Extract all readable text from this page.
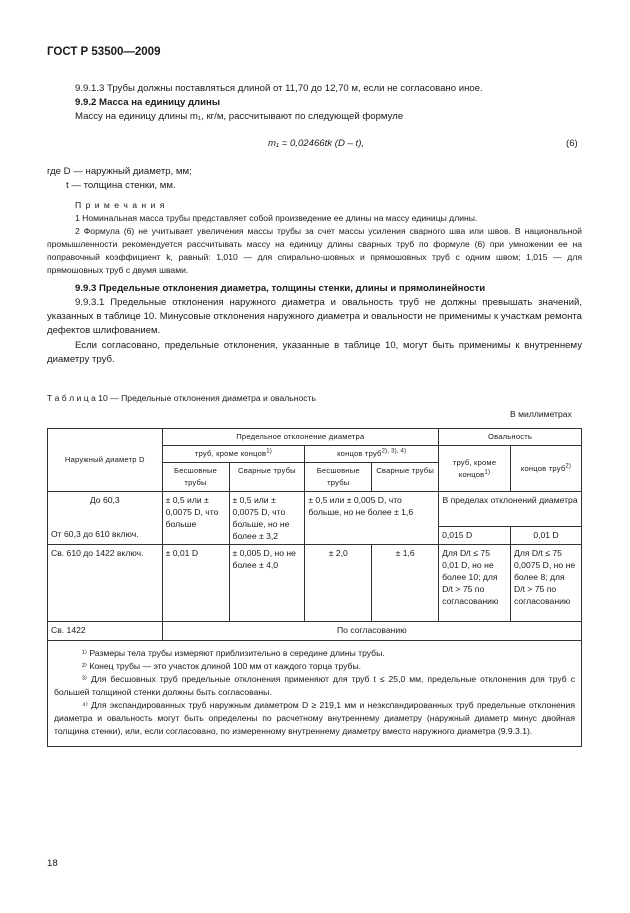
ГОСТ Р 53500—2009
9.9.1.3 Трубы должны поставляться длиной от 11,70 до 12,70 м, если не согласовано иное.
9.9.2 Масса на единицу длины
Массу на единицу длины m₁, кг/м, рассчитывают по следующей формуле
m₁ = 0,02466tk (D – t),	(6)
где D — наружный диаметр, мм;
t — толщина стенки, мм.
П р и м е ч а н и я
1 Номинальная масса трубы представляет собой произведение ее длины на массу единицы длины.
2 Формула (6) не учитывает увеличения массы трубы за счет массы усиления сварного шва или швов. В национальной промышленности рекомендуется рассчитывать массу на единицу длины сварных труб по формуле (6) при умножении ее на поправочный коэффициент k, равный: 1,010 — для спирально-шовных и прямошовных труб с одним швом; 1,015 — для прямошовных труб с двумя швами.
9.9.3 Предельные отклонения диаметра, толщины стенки, длины и прямолинейности
9.9.3.1 Предельные отклонения наружного диаметра и овальность труб не должны превышать значений, указанных в таблице 10. Минусовые отклонения наружного диаметра и овальности не применимы к участкам ремонта дефектов шлифованием.
Если согласовано, предельные отклонения, указанные в таблице 10, могут быть применимы к внутреннему диаметру труб.
Т а б л и ц а 10 — Предельные отклонения диаметра и овальность
В миллиметрах
Наружный диаметр D	Предельное отклонение диаметра				Овальность	
	труб, кроме концов$^{1)}$		концов труб$^{2), 3), 4)}$		труб, кроме концов$^{1)}$	концов труб$^{2)}$
	Бесшовные трубы	Сварные трубы	Бесшовные трубы	Сварные трубы		
До 60,3	± 0,5 или ± 0,0075 D, что больше	± 0,5 или ± 0,0075 D, что больше, но не более ± 3,2	± 0,5 или ± 0,005 D, что больше, но не более ± 1,6		В пределах отклонений диаметра	
От 60,3 до 610 включ.					0,015 D	0,01 D
Св. 610 до 1422 включ.	± 0,01 D	± 0,005 D, но не более ± 4,0	± 2,0	± 1,6	Для D/t ≤ 75 0,01 D, но не более 10; для D/t > 75 по согласованию	Для D/t ≤ 75 0,0075 D, но не более 8; для D/t > 75 по согласованию
Св. 1422	По согласованию					

¹⁾ Размеры тела трубы измеряют приблизительно в середине длины трубы.
²⁾ Конец трубы — это участок длиной 100 мм от каждого торца трубы.
³⁾ Для бесшовных труб предельные отклонения применяют для труб t ≤ 25,0 мм, предельные отклонения для труб с большей толщиной стенки должны быть согласованы.
⁴⁾ Для экспандированных труб наружным диаметром D ≥ 219,1 мм и неэкспандированных труб предельные отклонения диаметра и овальность могут быть определены по расчетному внутреннему диаметру (наружный диаметр минус двойная толщина стенки), или, если согласовано, по измеренному внутреннему диаметру вместо наружного диаметра (9.9.3.1).						
18
